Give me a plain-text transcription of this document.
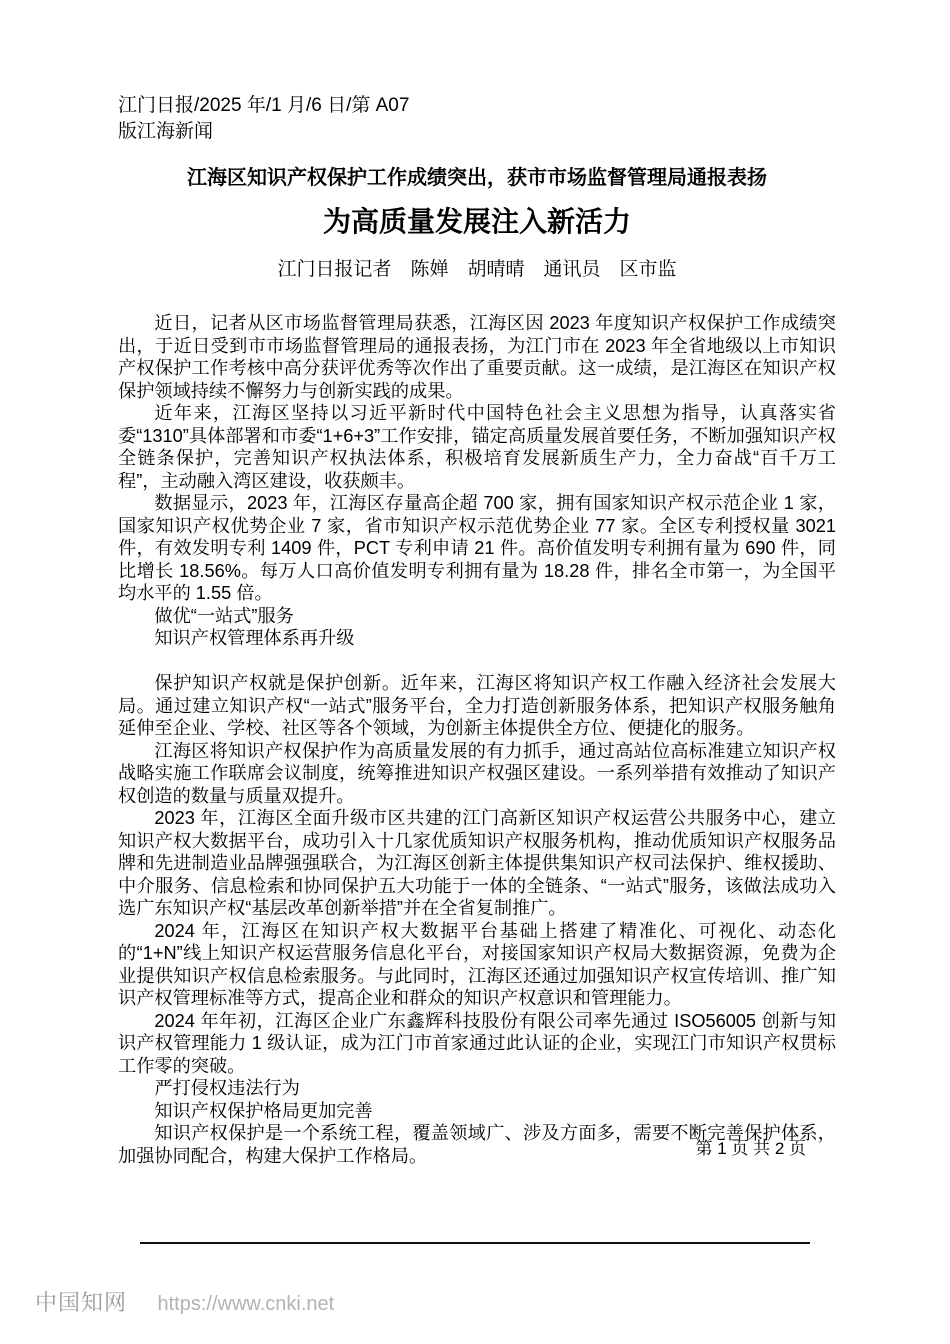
江门日报/2025 年/1 月/6 日/第 A07
版江海新闻
江海区知识产权保护工作成绩突出，获市市场监督管理局通报表扬
为高质量发展注入新活力
江门日报记者　陈婵　胡晴晴　通讯员　区市监
近日，记者从区市场监督管理局获悉，江海区因 2023 年度知识产权保护工作成绩突出，于近日受到市市场监督管理局的通报表扬，为江门市在 2023 年全省地级以上市知识产权保护工作考核中高分获评优秀等次作出了重要贡献。这一成绩，是江海区在知识产权保护领域持续不懈努力与创新实践的成果。
近年来，江海区坚持以习近平新时代中国特色社会主义思想为指导，认真落实省委“1310”具体部署和市委“1+6+3”工作安排，锚定高质量发展首要任务，不断加强知识产权全链条保护，完善知识产权执法体系，积极培育发展新质生产力，全力奋战“百千万工程”，主动融入湾区建设，收获颇丰。
数据显示，2023 年，江海区存量高企超 700 家，拥有国家知识产权示范企业 1 家，国家知识产权优势企业 7 家，省市知识产权示范优势企业 77 家。全区专利授权量 3021 件，有效发明专利 1409 件，PCT 专利申请 21 件。高价值发明专利拥有量为 690 件，同比增长 18.56%。每万人口高价值发明专利拥有量为 18.28 件，排名全市第一，为全国平均水平的 1.55 倍。
做优“一站式”服务
知识产权管理体系再升级
保护知识产权就是保护创新。近年来，江海区将知识产权工作融入经济社会发展大局。通过建立知识产权“一站式”服务平台，全力打造创新服务体系，把知识产权服务触角延伸至企业、学校、社区等各个领域，为创新主体提供全方位、便捷化的服务。
江海区将知识产权保护作为高质量发展的有力抓手，通过高站位高标准建立知识产权战略实施工作联席会议制度，统筹推进知识产权强区建设。一系列举措有效推动了知识产权创造的数量与质量双提升。
2023 年，江海区全面升级市区共建的江门高新区知识产权运营公共服务中心，建立知识产权大数据平台，成功引入十几家优质知识产权服务机构，推动优质知识产权服务品牌和先进制造业品牌强强联合，为江海区创新主体提供集知识产权司法保护、维权援助、中介服务、信息检索和协同保护五大功能于一体的全链条、“一站式”服务，该做法成功入选广东知识产权“基层改革创新举措”并在全省复制推广。
2024 年，江海区在知识产权大数据平台基础上搭建了精准化、可视化、动态化的“1+N”线上知识产权运营服务信息化平台，对接国家知识产权局大数据资源，免费为企业提供知识产权信息检索服务。与此同时，江海区还通过加强知识产权宣传培训、推广知识产权管理标准等方式，提高企业和群众的知识产权意识和管理能力。
2024 年年初，江海区企业广东鑫辉科技股份有限公司率先通过 ISO56005 创新与知识产权管理能力 1 级认证，成为江门市首家通过此认证的企业，实现江门市知识产权贯标工作零的突破。
严打侵权违法行为
知识产权保护格局更加完善
知识产权保护是一个系统工程，覆盖领域广、涉及方面多，需要不断完善保护体系，加强协同配合，构建大保护工作格局。	第 1 页 共 2 页
中国知网 https://www.cnki.net
